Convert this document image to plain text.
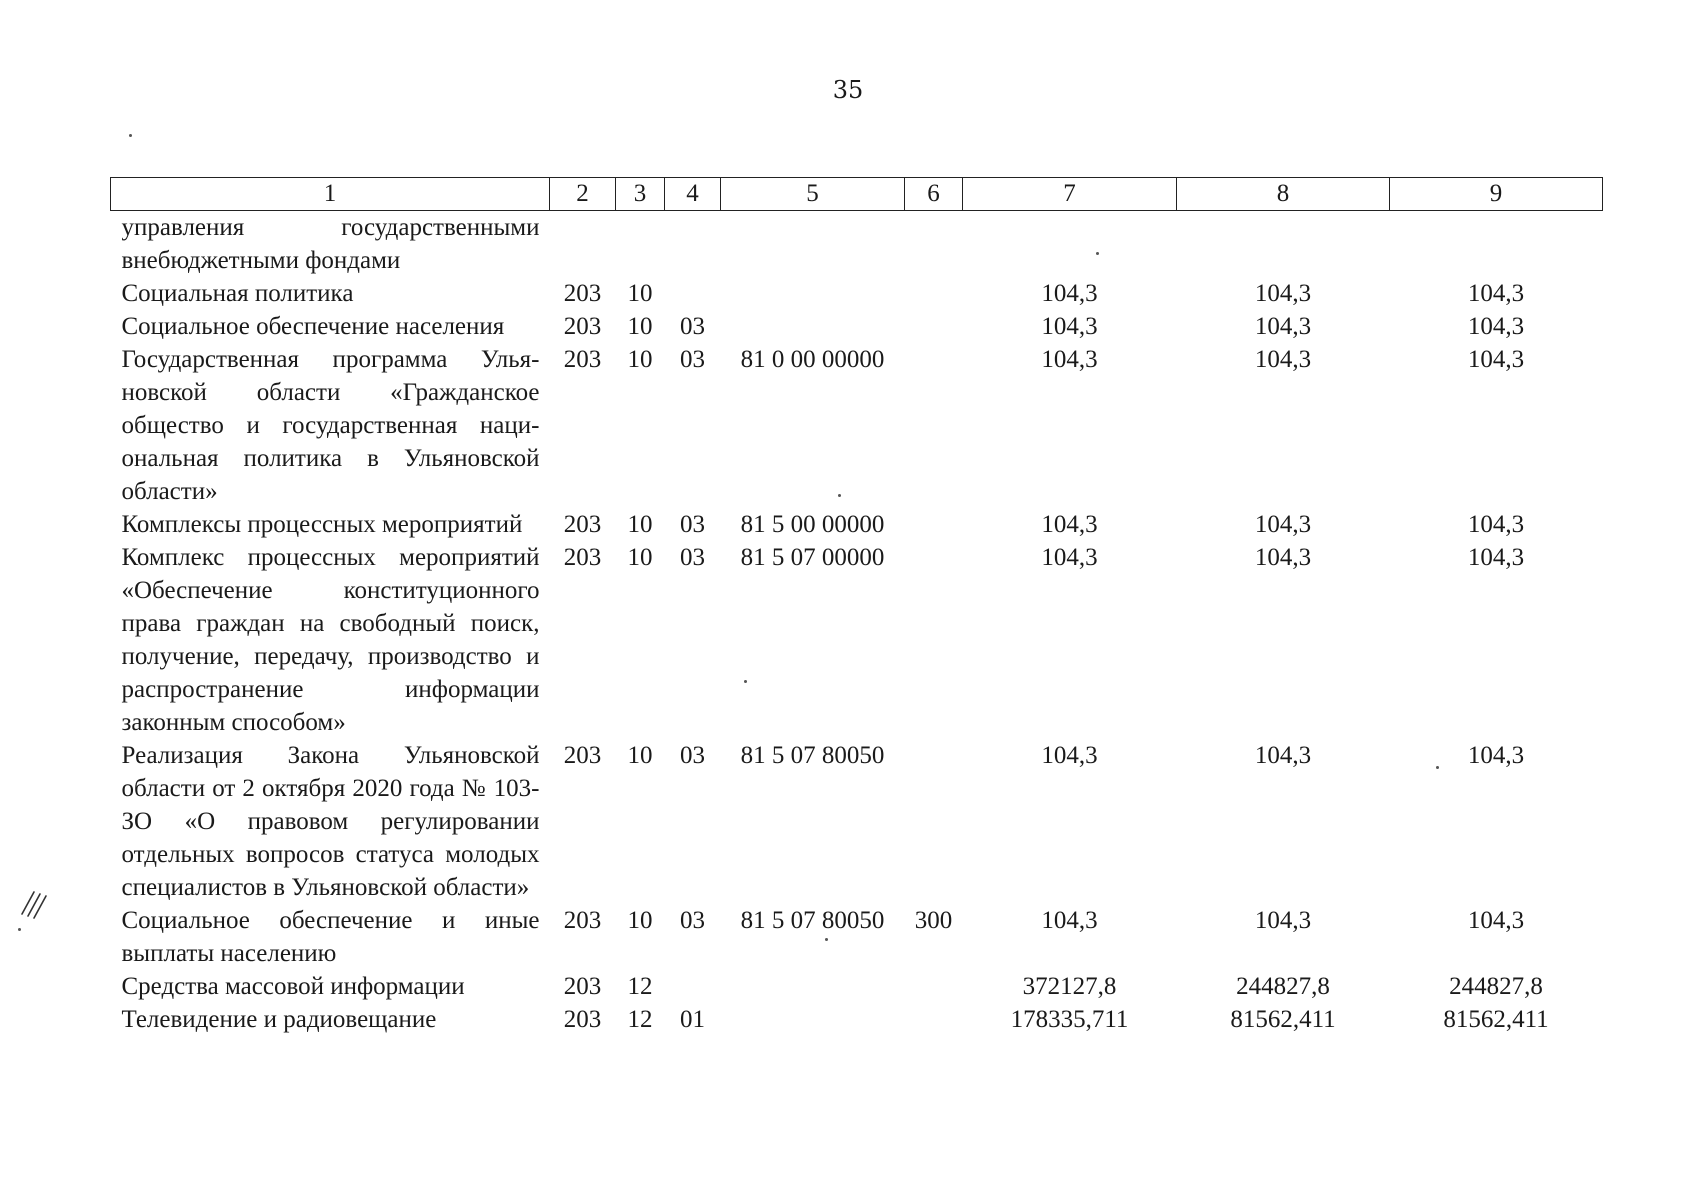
35
1	2	3	4	5	6	7	8	9
управления государственными внебюджетными фондами								
Социальная политика	203	10				104,3	104,3	104,3
Социальное обеспечение населения	203	10	03			104,3	104,3	104,3
Государственная программа Ульяновской области «Гражданское общество и государственная национальная политика в Ульяновской области»	203	10	03	81 0 00 00000		104,3	104,3	104,3
Комплексы процессных мероприятий	203	10	03	81 5 00 00000		104,3	104,3	104,3
Комплекс процессных мероприятий «Обеспечение конституционного права граждан на свободный поиск, получение, передачу, производство и распространение информации законным способом»	203	10	03	81 5 07 00000		104,3	104,3	104,3
Реализация Закона Ульяновской области от 2 октября 2020 года № 103-ЗО «О правовом регулировании отдельных вопросов статуса молодых специалистов в Ульяновской области»	203	10	03	81 5 07 80050		104,3	104,3	104,3
Социальное обеспечение и иные выплаты населению	203	10	03	81 5 07 80050	300	104,3	104,3	104,3
Средства массовой информации	203	12				372127,8	244827,8	244827,8
Телевидение и радиовещание	203	12	01			178335,711	81562,411	81562,411
